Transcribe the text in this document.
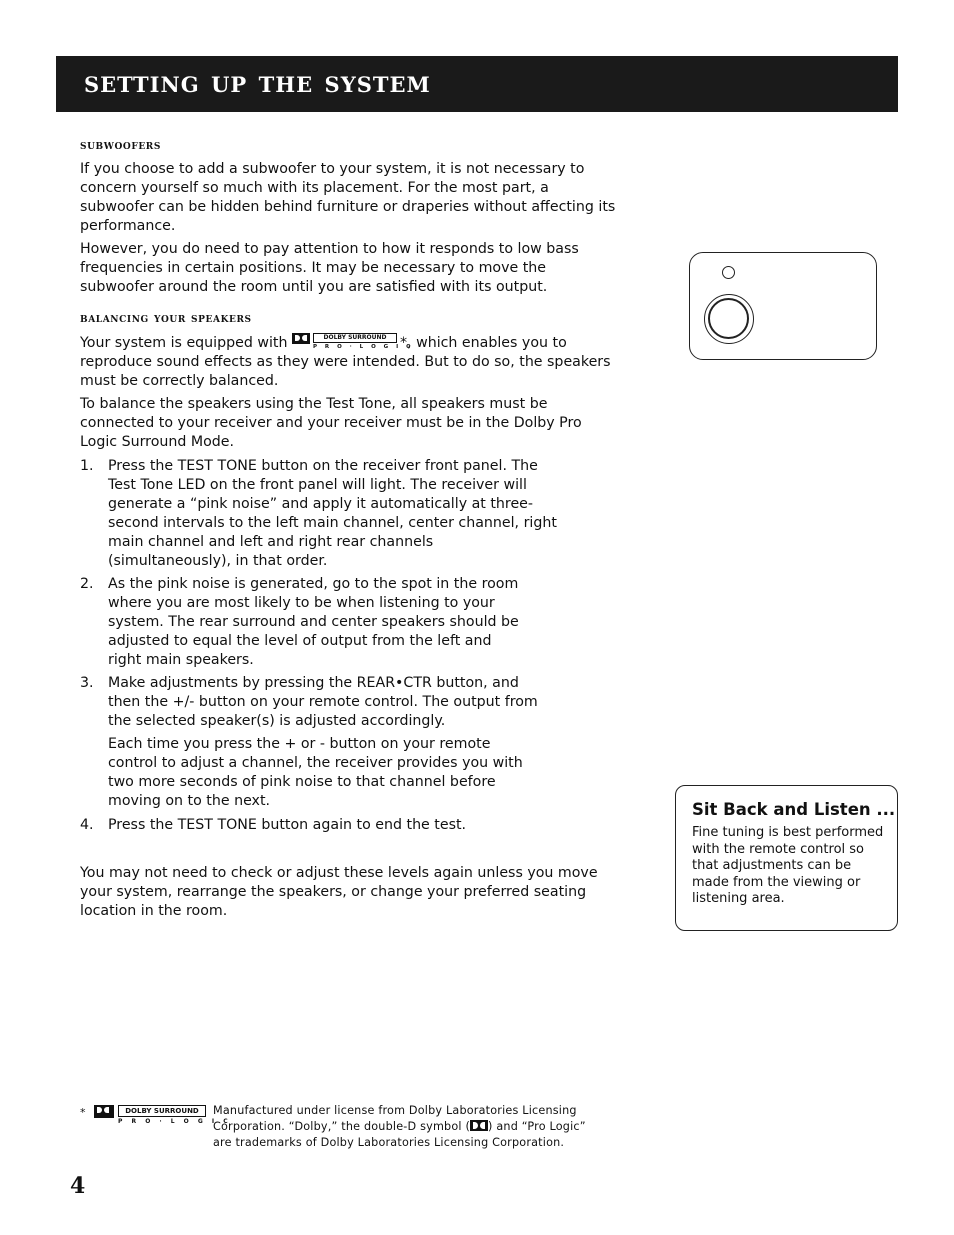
setting up the system
subwoofers

If you choose to add a subwoofer to your system, it is not necessary to concern yourself so much with its placement. For the most part, a subwoofer can be hidden behind furniture or draperies without affecting its performance.

However, you do need to pay attention to how it responds to low bass frequencies in certain positions. It may be necessary to move the subwoofer around the room until you are satisfied with its output.

balancing your speakers

Your system is equipped with	DOLBY SURROUND
P R O · L O G I C
*, which enables you to reproduce sound effects as they were intended. But to do so, the speakers must be correctly balanced.

To balance the speakers using the Test Tone, all speakers must be connected to your receiver and your receiver must be in the Dolby Pro Logic Surround Mode.

1. Press the TEST TONE button on the receiver front panel. The Test Tone LED on the front panel will light. The receiver will generate a “pink noise” and apply it automatically at three-second intervals to the left main channel, center channel, right main channel and left and right rear channels (simultaneously), in that order.
2. As the pink noise is generated, go to the spot in the room where you are most likely to be when listening to your system. The rear surround and center speakers should be adjusted to equal the level of output from the left and right main speakers.
3. Make adjustments by pressing the REAR•CTR button, and then the +/- button on your remote control. The output from the selected speaker(s) is adjusted accordingly.
Each time you press the + or - button on your remote control to adjust a channel, the receiver provides you with two more seconds of pink noise to that channel before moving on to the next.
4. Press the TEST TONE button again to end the test.

You may not need to check or adjust these levels again unless you move your system, rearrange the speakers, or change your preferred seating location in the room.

Sit Back and Listen ...
Fine tuning is best performed with the remote control so that adjustments can be made from the viewing or listening area.
*	DOLBY SURROUND
P R O · L O G I C
Manufactured under license from Dolby Laboratories Licensing
Corporation. “Dolby,” the double-D symbol ( ) and “Pro Logic”
are trademarks of Dolby Laboratories Licensing Corporation.
4
